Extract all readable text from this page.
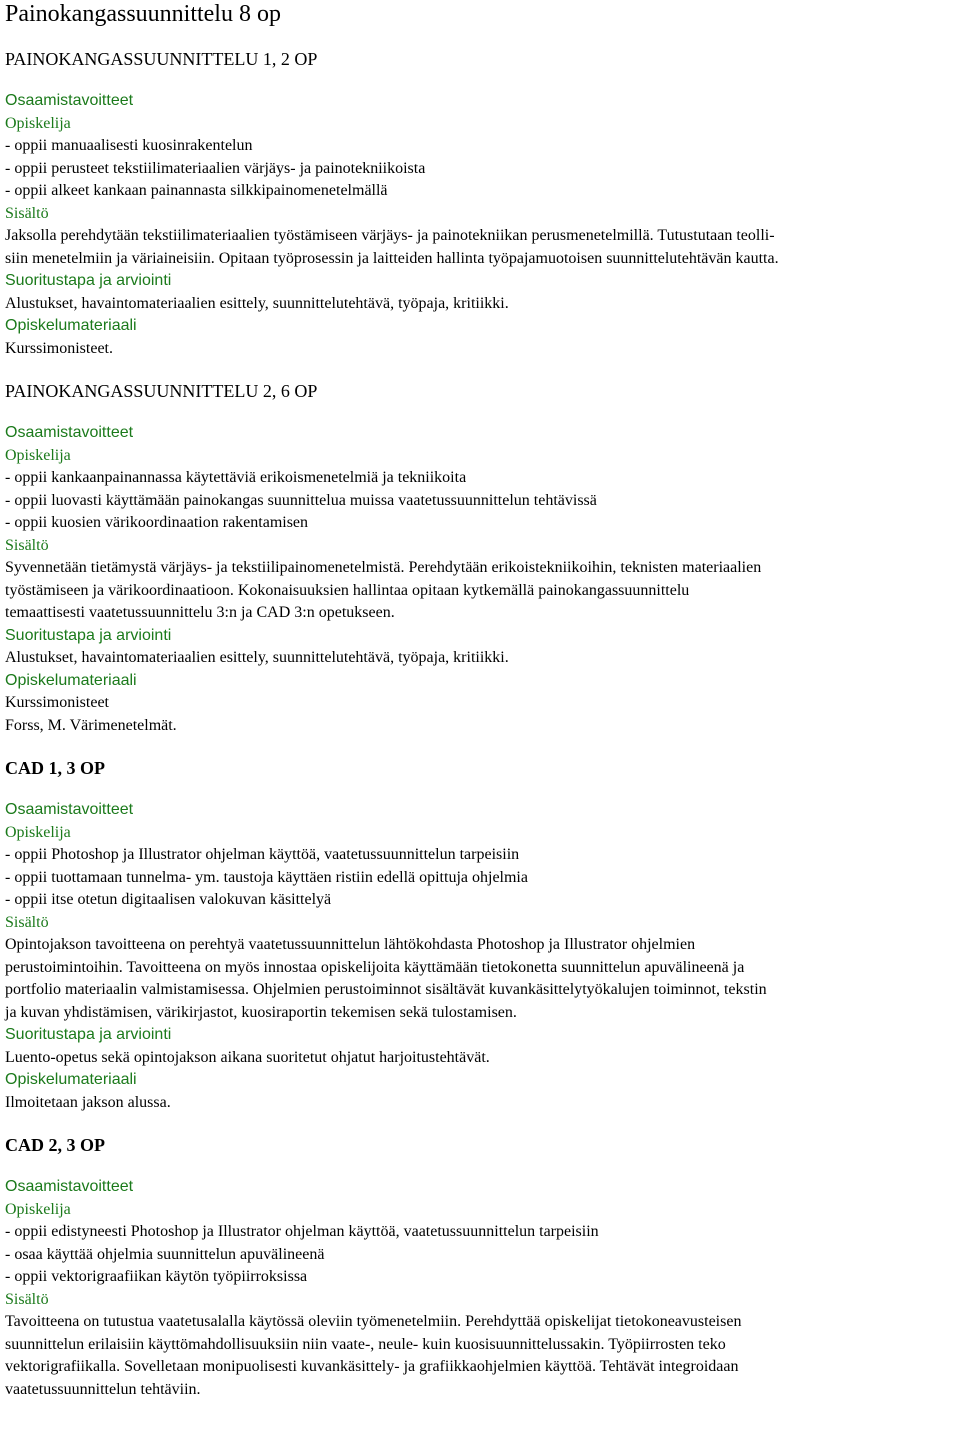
Painokangassuunnittelu 8 op
PAINOKANGASSUUNNITTELU 1, 2 OP

Osaamistavoitteet

Opiskelija

- oppii manuaalisesti kuosinrakentelun

- oppii perusteet tekstiilimateriaalien värjäys- ja painotekniikoista

- oppii alkeet kankaan painannasta silkkipainomenetelmällä

Sisältö

Jaksolla perehdytään tekstiilimateriaalien työstämiseen värjäys- ja painotekniikan perusmenetelmillä. Tutustutaan teolli-

siin menetelmiin ja väriaineisiin. Opitaan työprosessin ja laitteiden hallinta työpajamuotoisen suunnittelutehtävän kautta.

Suoritustapa ja arviointi

Alustukset, havaintomateriaalien esittely, suunnittelutehtävä, työpaja, kritiikki.

Opiskelumateriaali

Kurssimonisteet.

PAINOKANGASSUUNNITTELU 2, 6 OP

Osaamistavoitteet

Opiskelija

- oppii kankaanpainannassa käytettäviä erikoismenetelmiä ja tekniikoita

- oppii luovasti käyttämään painokangas suunnittelua muissa vaatetussuunnittelun tehtävissä

- oppii kuosien värikoordinaation rakentamisen

Sisältö

Syvennetään tietämystä värjäys- ja tekstiilipainomenetelmistä. Perehdytään erikoistekniikoihin, teknisten materiaalien

työstämiseen ja värikoordinaatioon. Kokonaisuuksien hallintaa opitaan kytkemällä painokangassuunnittelu

temaattisesti vaatetussuunnittelu 3:n ja CAD 3:n opetukseen.

Suoritustapa ja arviointi

Alustukset, havaintomateriaalien esittely, suunnittelutehtävä, työpaja, kritiikki.

Opiskelumateriaali

Kurssimonisteet

Forss, M. Värimenetelmät.

CAD 1, 3 OP

Osaamistavoitteet

Opiskelija

- oppii Photoshop ja Illustrator ohjelman käyttöä, vaatetussuunnittelun tarpeisiin

- oppii tuottamaan tunnelma- ym. taustoja käyttäen ristiin edellä opittuja ohjelmia

- oppii itse otetun digitaalisen valokuvan käsittelyä

Sisältö

Opintojakson tavoitteena on perehtyä vaatetussuunnittelun lähtökohdasta Photoshop ja Illustrator ohjelmien

perustoimintoihin. Tavoitteena on myös innostaa opiskelijoita käyttämään tietokonetta suunnittelun apuvälineenä ja

portfolio materiaalin valmistamisessa. Ohjelmien perustoiminnot sisältävät kuvankäsittelytyökalujen toiminnot, tekstin

ja kuvan yhdistämisen, värikirjastot, kuosiraportin tekemisen sekä tulostamisen.

Suoritustapa ja arviointi

Luento-opetus sekä opintojakson aikana suoritetut ohjatut harjoitustehtävät.

Opiskelumateriaali

Ilmoitetaan jakson alussa.

CAD 2, 3 OP

Osaamistavoitteet

Opiskelija

- oppii edistyneesti Photoshop ja Illustrator ohjelman käyttöä, vaatetussuunnittelun tarpeisiin

- osaa käyttää ohjelmia suunnittelun apuvälineenä

- oppii vektorigraafiikan käytön työpiirroksissa

Sisältö

Tavoitteena on tutustua vaatetusalalla käytössä oleviin työmenetelmiin. Perehdyttää opiskelijat tietokoneavusteisen

suunnittelun erilaisiin käyttömahdollisuuksiin niin vaate-, neule- kuin kuosisuunnittelussakin. Työpiirrosten teko

vektorigrafiikalla. Sovelletaan monipuolisesti kuvankäsittely- ja grafiikkaohjelmien käyttöä. Tehtävät integroidaan

vaatetussuunnittelun tehtäviin.
